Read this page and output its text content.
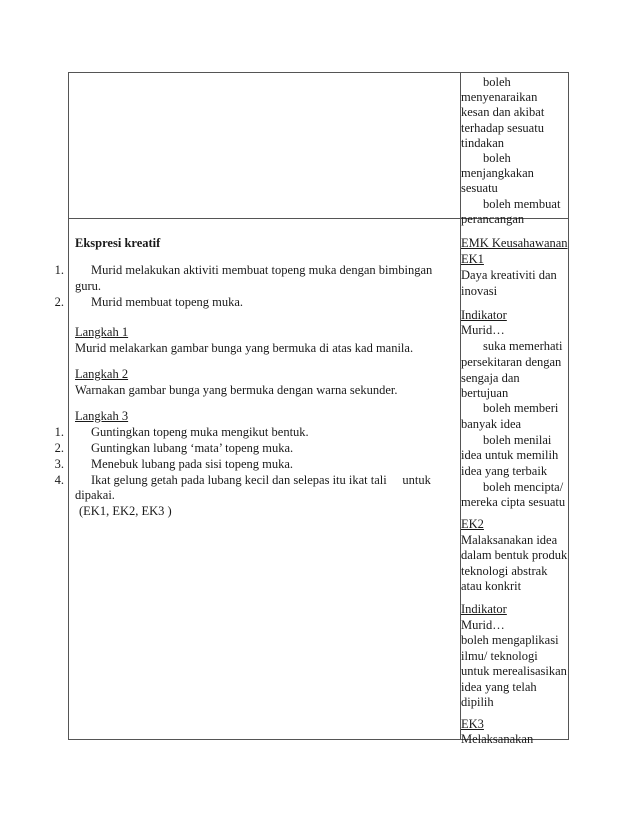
boleh
menyenaraikan
kesan dan akibat
terhadap sesuatu
tindakan
boleh
menjangkakan
sesuatu
boleh membuat
perancangan
Ekspresi kreatif
1. Murid melakukan aktiviti membuat topeng muka dengan bimbingan
guru.
2. Murid membuat topeng muka.
Langkah 1
Murid melakarkan gambar bunga yang bermuka di atas kad manila.
Langkah 2
Warnakan gambar bunga yang bermuka dengan warna sekunder.
Langkah 3
1. Guntingkan topeng muka mengikut bentuk.
2. Guntingkan lubang ‘mata’ topeng muka.
3. Menebuk lubang pada sisi topeng muka.
4. Ikat gelung getah pada lubang kecil dan selepas itu ikat tali     untuk
dipakai.
(EK1, EK2, EK3 )
EMK Keusahawanan
EK1
Daya kreativiti dan
inovasi
Indikator
Murid…
suka memerhati
persekitaran dengan
sengaja dan
bertujuan
boleh memberi
banyak idea
boleh menilai
idea untuk memilih
idea yang terbaik
boleh mencipta/
mereka cipta sesuatu
EK2
Malaksanakan idea
dalam bentuk produk
teknologi abstrak
atau konkrit
Indikator
Murid…
boleh mengaplikasi
ilmu/ teknologi
untuk merealisasikan
idea yang telah
dipilih
EK3
Melaksanakan
